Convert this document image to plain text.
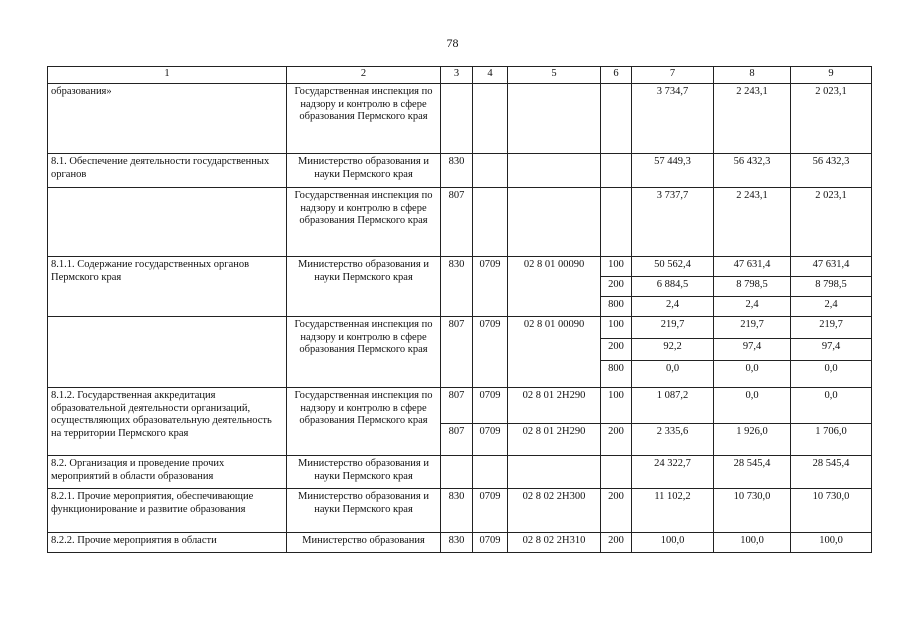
78
1	2	3	4	5	6	7	8	9
образования»	Государственная инспекция по надзору и контролю в сфере образования Пермского края					3 734,7	2 243,1	2 023,1
8.1. Обеспечение деятельности государственных органов	Министерство образования и науки Пермского края	830				57 449,3	56 432,3	56 432,3
	Государственная инспекция по надзору и контролю в сфере образования Пермского края	807				3 737,7	2 243,1	2 023,1
8.1.1. Содержание государственных органов Пермского края	Министерство образования и науки Пермского края	830	0709	02 8 01 00090	100	50 562,4	47 631,4	47 631,4
					200	6 884,5	8 798,5	8 798,5
					800	2,4	2,4	2,4
	Государственная инспекция по надзору и контролю в сфере образования Пермского края	807	0709	02 8 01 00090	100	219,7	219,7	219,7
					200	92,2	97,4	97,4
					800	0,0	0,0	0,0
8.1.2. Государственная аккредитация образовательной деятельности организаций, осуществляющих образовательную деятельность на территории Пермского края	Государственная инспекция по надзору и контролю в сфере образования Пермского края	807	0709	02 8 01 2Н290	100	1 087,2	0,0	0,0
		807	0709	02 8 01 2Н290	200	2 335,6	1 926,0	1 706,0
8.2. Организация и проведение прочих мероприятий в области образования	Министерство образования и науки Пермского края					24 322,7	28 545,4	28 545,4
8.2.1. Прочие мероприятия, обеспечивающие функционирование и развитие образования	Министерство образования и науки Пермского края	830	0709	02 8 02 2Н300	200	11 102,2	10 730,0	10 730,0
8.2.2. Прочие мероприятия в области	Министерство образования	830	0709	02 8 02 2Н310	200	100,0	100,0	100,0
